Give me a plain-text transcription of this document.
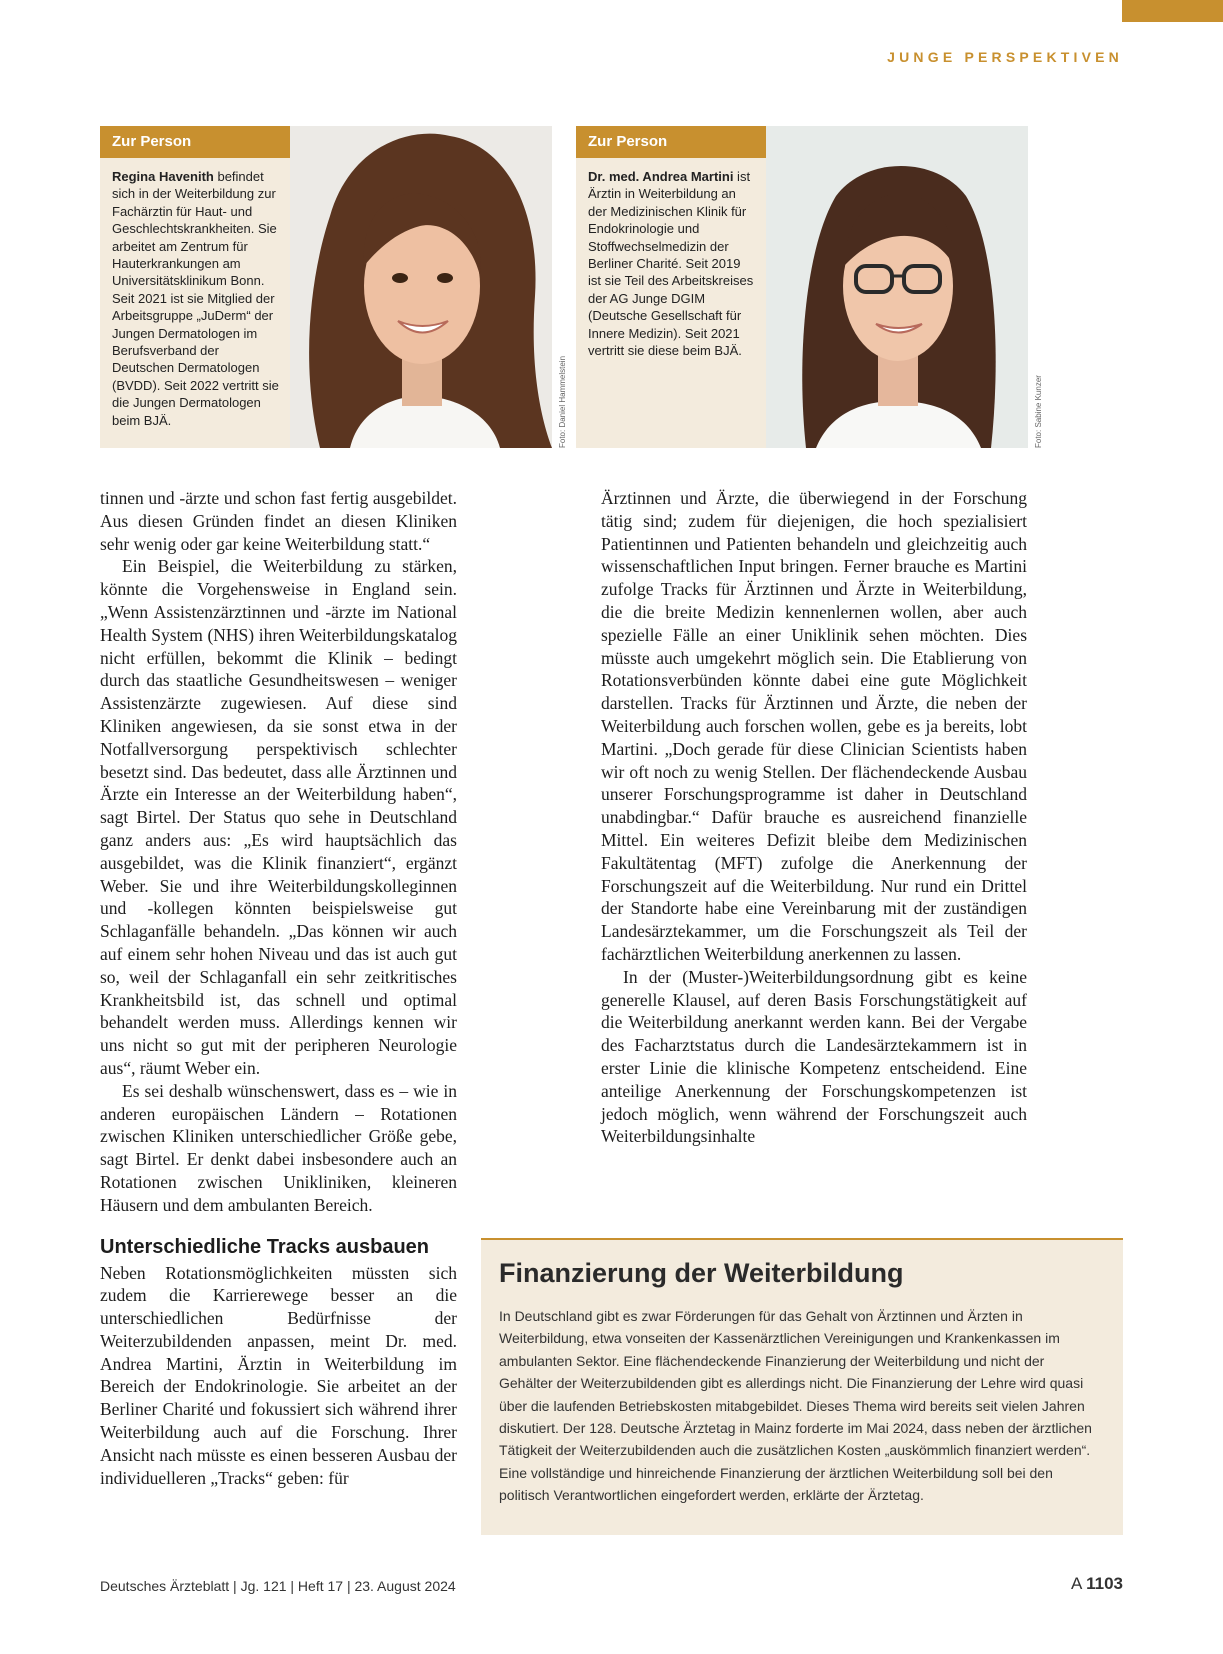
JUNGE PERSPEKTIVEN
Zur Person
Regina Havenith befindet sich in der Weiterbildung zur Fachärztin für Haut- und Geschlechtskrankheiten. Sie arbeitet am Zentrum für Hauterkrankungen am Universitätsklinikum Bonn. Seit 2021 ist sie Mitglied der Arbeitsgruppe „JuDerm“ der Jungen Dermatologen im Berufsverband der Deutschen Dermatologen (BVDD). Seit 2022 vertritt sie die Jungen Dermatologen beim BJÄ.	Foto: Daniel Hammelstein
Zur Person
Dr. med. Andrea Martini ist Ärztin in Weiterbildung an der Medizinischen Klinik für Endokrinologie und Stoffwechselmedizin der Berliner Charité. Seit 2019 ist sie Teil des Arbeitskreises der AG Junge DGIM (Deutsche Gesellschaft für Innere Medizin). Seit 2021 vertritt sie diese beim BJÄ.
Foto: Sabine Kunzer

tinnen und -ärzte und schon fast fertig ausgebildet. Aus diesen Gründen findet an diesen Kliniken sehr wenig oder gar keine Weiterbildung statt.“

Ein Beispiel, die Weiterbildung zu stärken, könnte die Vorgehensweise in England sein. „Wenn Assistenzärztinnen und -ärzte im National Health System (NHS) ihren Weiterbildungskatalog nicht erfüllen, bekommt die Klinik – bedingt durch das staatliche Gesundheitswesen – weniger Assistenzärzte zugewiesen. Auf diese sind Kliniken angewiesen, da sie sonst etwa in der Notfallversorgung perspektivisch schlechter besetzt sind. Das bedeutet, dass alle Ärztinnen und Ärzte ein Interesse an der Weiterbildung haben“, sagt Birtel. Der Status quo sehe in Deutschland ganz anders aus: „Es wird hauptsächlich das ausgebildet, was die Klinik finanziert“, ergänzt Weber. Sie und ihre Weiterbildungskolleginnen und -kollegen könnten beispielsweise gut Schlaganfälle behandeln. „Das können wir auch auf einem sehr hohen Niveau und das ist auch gut so, weil der Schlaganfall ein sehr zeitkritisches Krankheitsbild ist, das schnell und optimal behandelt werden muss. Allerdings kennen wir uns nicht so gut mit der peripheren Neurologie aus“, räumt Weber ein.

Es sei deshalb wünschenswert, dass es – wie in anderen europäischen Ländern – Rotationen zwischen Kliniken unterschiedlicher Größe gebe, sagt Birtel. Er denkt dabei insbesondere auch an Rotationen zwischen Unikliniken, kleineren Häusern und dem ambulanten Bereich.

Unterschiedliche Tracks ausbauen

Neben Rotationsmöglichkeiten müssten sich zudem die Karrierewege besser an die unterschiedlichen Bedürfnisse der Weiterzubildenden anpassen, meint Dr. med. Andrea Martini, Ärztin in Weiterbildung im Bereich der Endokrinologie. Sie arbeitet an der Berliner Charité und fokussiert sich während ihrer Weiterbildung auch auf die Forschung. Ihrer Ansicht nach müsste es einen besseren Ausbau der individuelleren „Tracks“ geben: für

Ärztinnen und Ärzte, die überwiegend in der Forschung tätig sind; zudem für diejenigen, die hoch spezialisiert Patientinnen und Patienten behandeln und gleichzeitig auch wissenschaftlichen Input bringen. Ferner brauche es Martini zufolge Tracks für Ärztinnen und Ärzte in Weiterbildung, die die breite Medizin kennenlernen wollen, aber auch spezielle Fälle an einer Uniklinik sehen möchten. Dies müsste auch umgekehrt möglich sein. Die Etablierung von Rotationsverbünden könnte dabei eine gute Möglichkeit darstellen. Tracks für Ärztinnen und Ärzte, die neben der Weiterbildung auch forschen wollen, gebe es ja bereits, lobt Martini. „Doch gerade für diese Clinician Scientists haben wir oft noch zu wenig Stellen. Der flächendeckende Ausbau unserer Forschungsprogramme ist daher in Deutschland unabdingbar.“ Dafür brauche es ausreichend finanzielle Mittel. Ein weiteres Defizit bleibe dem Medizinischen Fakultätentag (MFT) zufolge die Anerkennung der Forschungszeit auf die Weiterbildung. Nur rund ein Drittel der Standorte habe eine Vereinbarung mit der zuständigen Landesärztekammer, um die Forschungszeit als Teil der fachärztlichen Weiterbildung anerkennen zu lassen.

In der (Muster-)Weiterbildungsordnung gibt es keine generelle Klausel, auf deren Basis Forschungstätigkeit auf die Weiterbildung anerkannt werden kann. Bei der Vergabe des Facharztstatus durch die Landesärztekammern ist in erster Linie die klinische Kompetenz entscheidend. Eine anteilige Anerkennung der Forschungskompetenzen ist jedoch möglich, wenn während der Forschungszeit auch Weiterbildungsinhalte

Finanzierung der Weiterbildung

In Deutschland gibt es zwar Förderungen für das Gehalt von Ärztinnen und Ärzten in Weiterbildung, etwa vonseiten der Kassenärztlichen Vereinigungen und Krankenkassen im ambulanten Sektor. Eine flächendeckende Finanzierung der Weiterbildung und nicht der Gehälter der Weiterzubildenden gibt es allerdings nicht. Die Finanzierung der Lehre wird quasi über die laufenden Betriebskosten mitabgebildet. Dieses Thema wird bereits seit vielen Jahren diskutiert. Der 128. Deutsche Ärztetag in Mainz forderte im Mai 2024, dass neben der ärztlichen Tätigkeit der Weiterzubildenden auch die zusätzlichen Kosten „auskömmlich finanziert werden“. Eine vollständige und hinreichende Finanzierung der ärztlichen Weiterbildung soll bei den politisch Verantwortlichen eingefordert werden, erklärte der Ärztetag.

Deutsches Ärzteblatt | Jg. 121 | Heft 17 | 23. August 2024	A 1103
